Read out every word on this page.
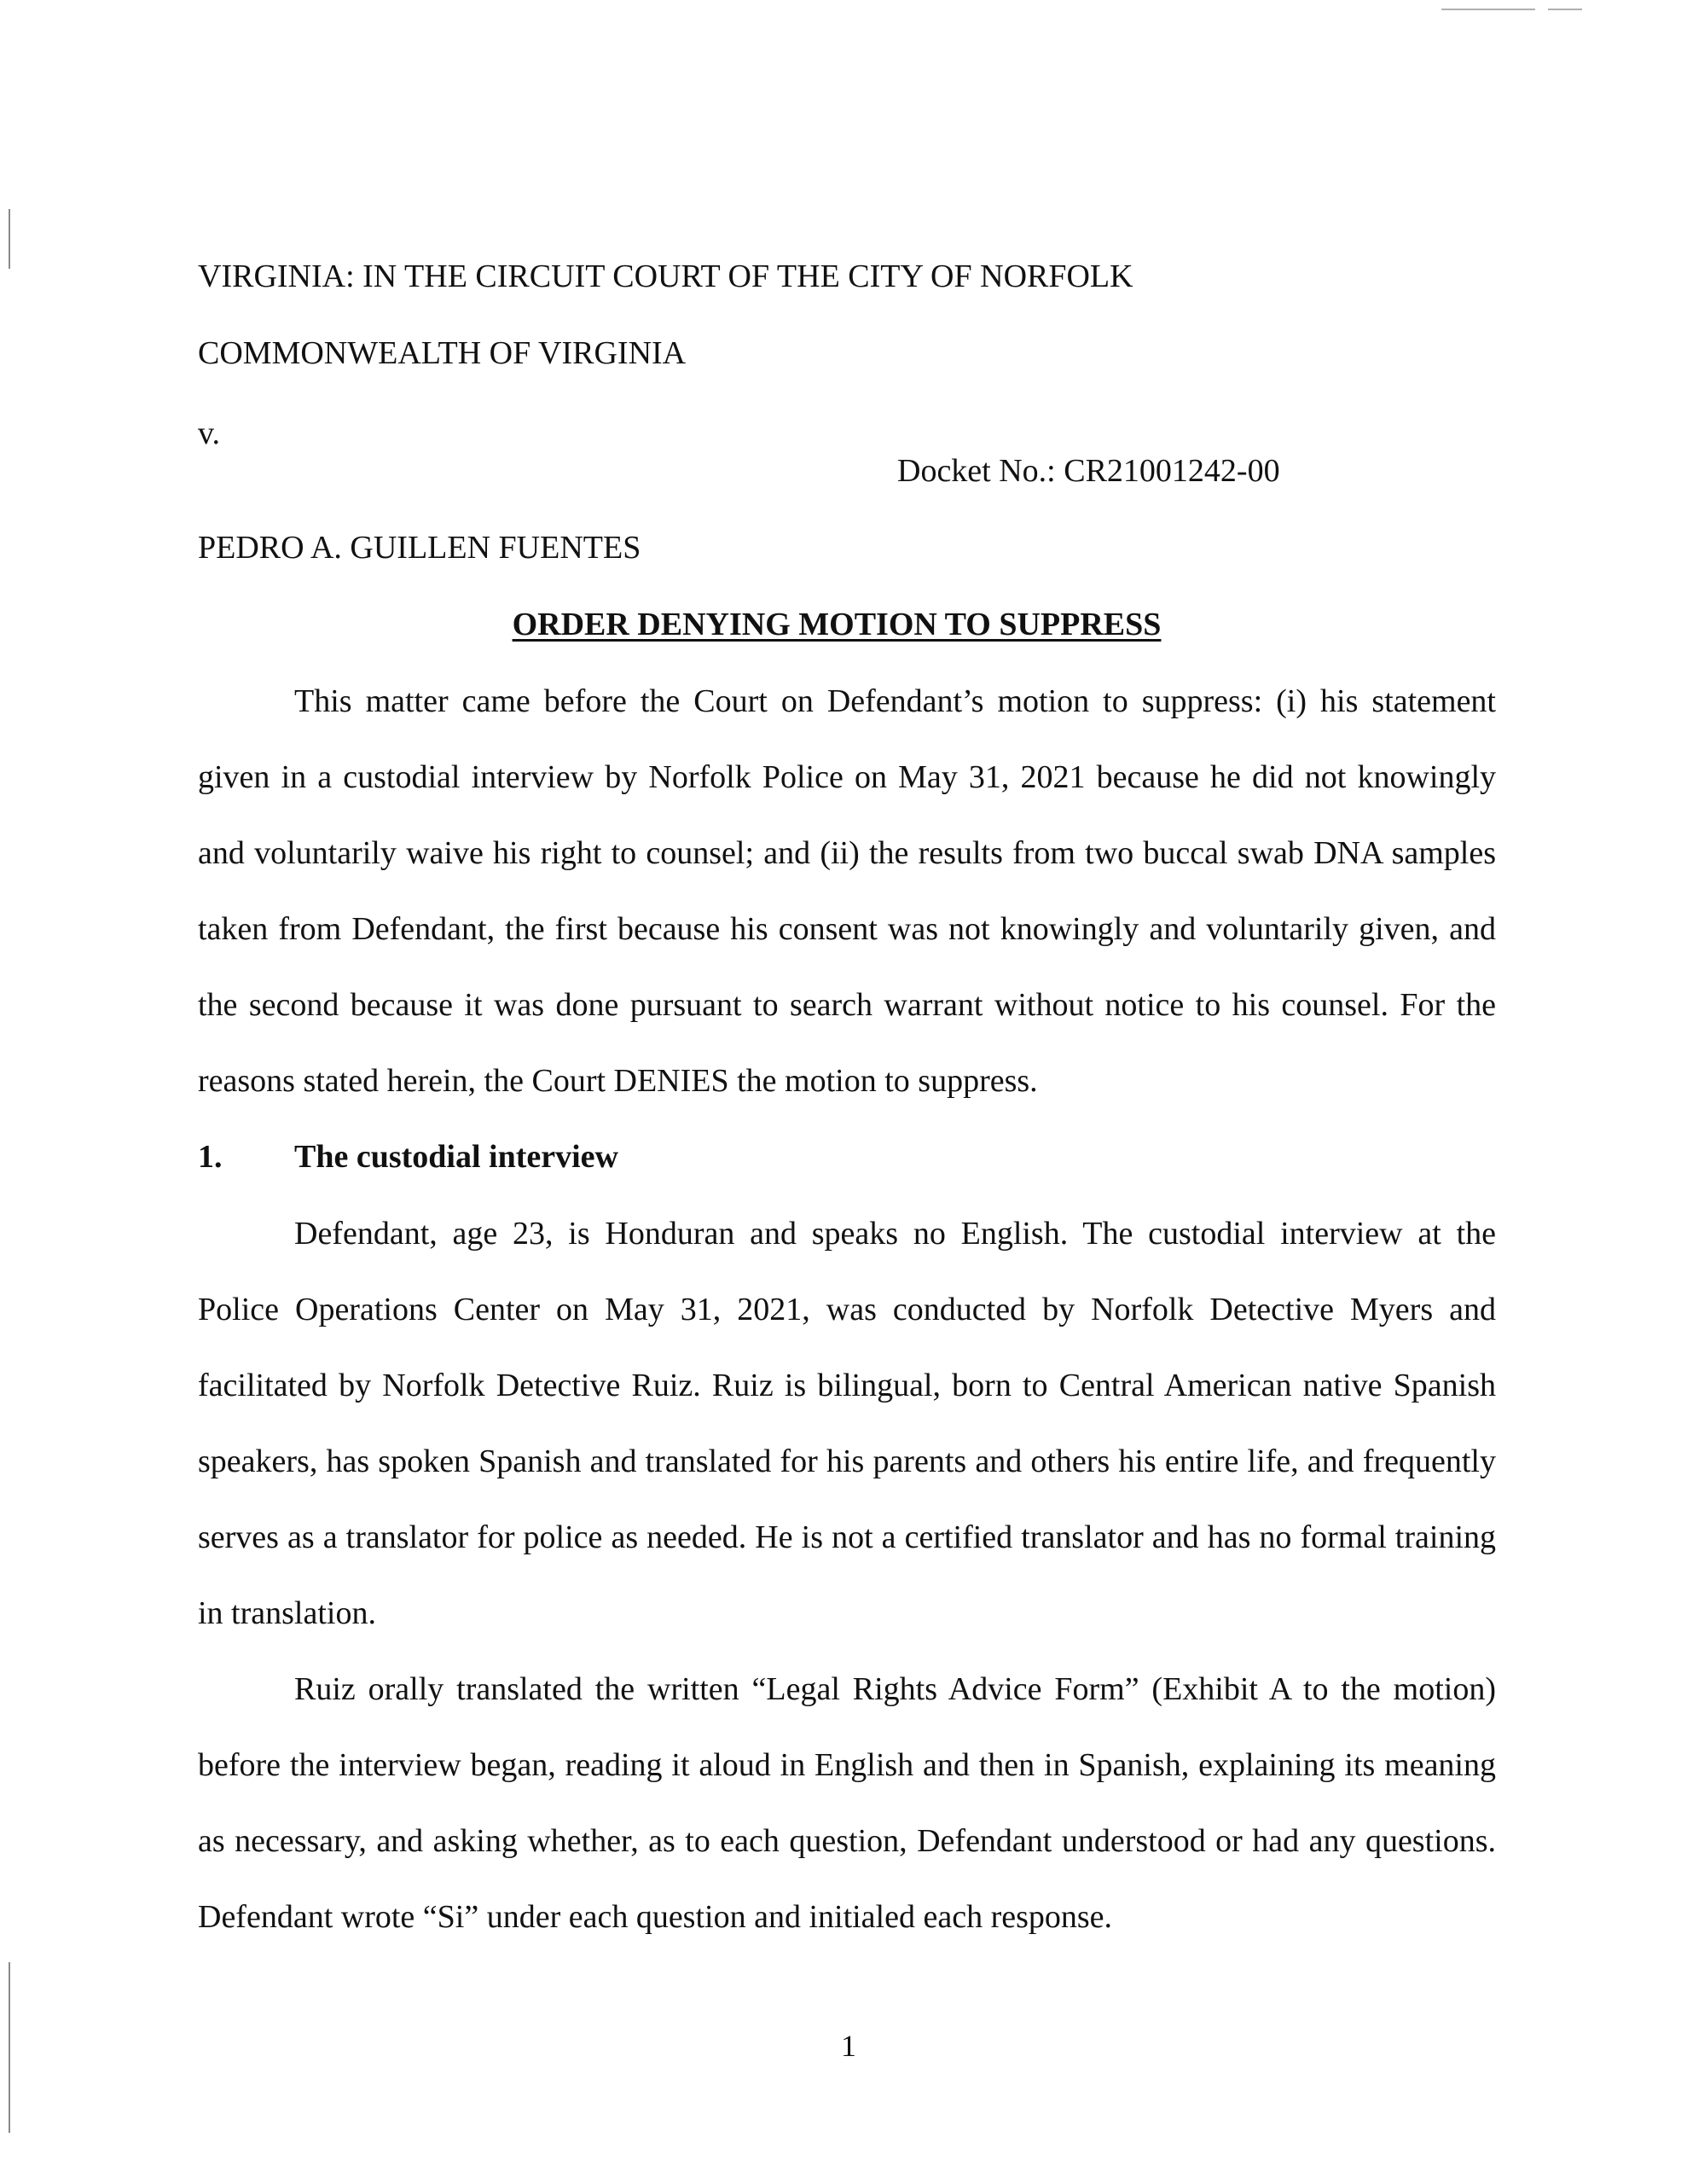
VIRGINIA: IN THE CIRCUIT COURT OF THE CITY OF NORFOLK
COMMONWEALTH OF VIRGINIA
v.
Docket No.: CR21001242-00
PEDRO A. GUILLEN FUENTES
ORDER DENYING MOTION TO SUPPRESS
This matter came before the Court on Defendant’s motion to suppress: (i) his statement
given in a custodial interview by Norfolk Police on May 31, 2021 because he did not knowingly
and voluntarily waive his right to counsel; and (ii) the results from two buccal swab DNA samples
taken from Defendant, the first because his consent was not knowingly and voluntarily given, and
the second because it was done pursuant to search warrant without notice to his counsel. For the
reasons stated herein, the Court DENIES the motion to suppress.
1. The custodial interview
Defendant, age 23, is Honduran and speaks no English. The custodial interview at the
Police Operations Center on May 31, 2021, was conducted by Norfolk Detective Myers and
facilitated by Norfolk Detective Ruiz. Ruiz is bilingual, born to Central American native Spanish
speakers, has spoken Spanish and translated for his parents and others his entire life, and frequently
serves as a translator for police as needed. He is not a certified translator and has no formal training
in translation.
Ruiz orally translated the written “Legal Rights Advice Form” (Exhibit A to the motion)
before the interview began, reading it aloud in English and then in Spanish, explaining its meaning
as necessary, and asking whether, as to each question, Defendant understood or had any questions.
Defendant wrote “Si” under each question and initialed each response.
1
